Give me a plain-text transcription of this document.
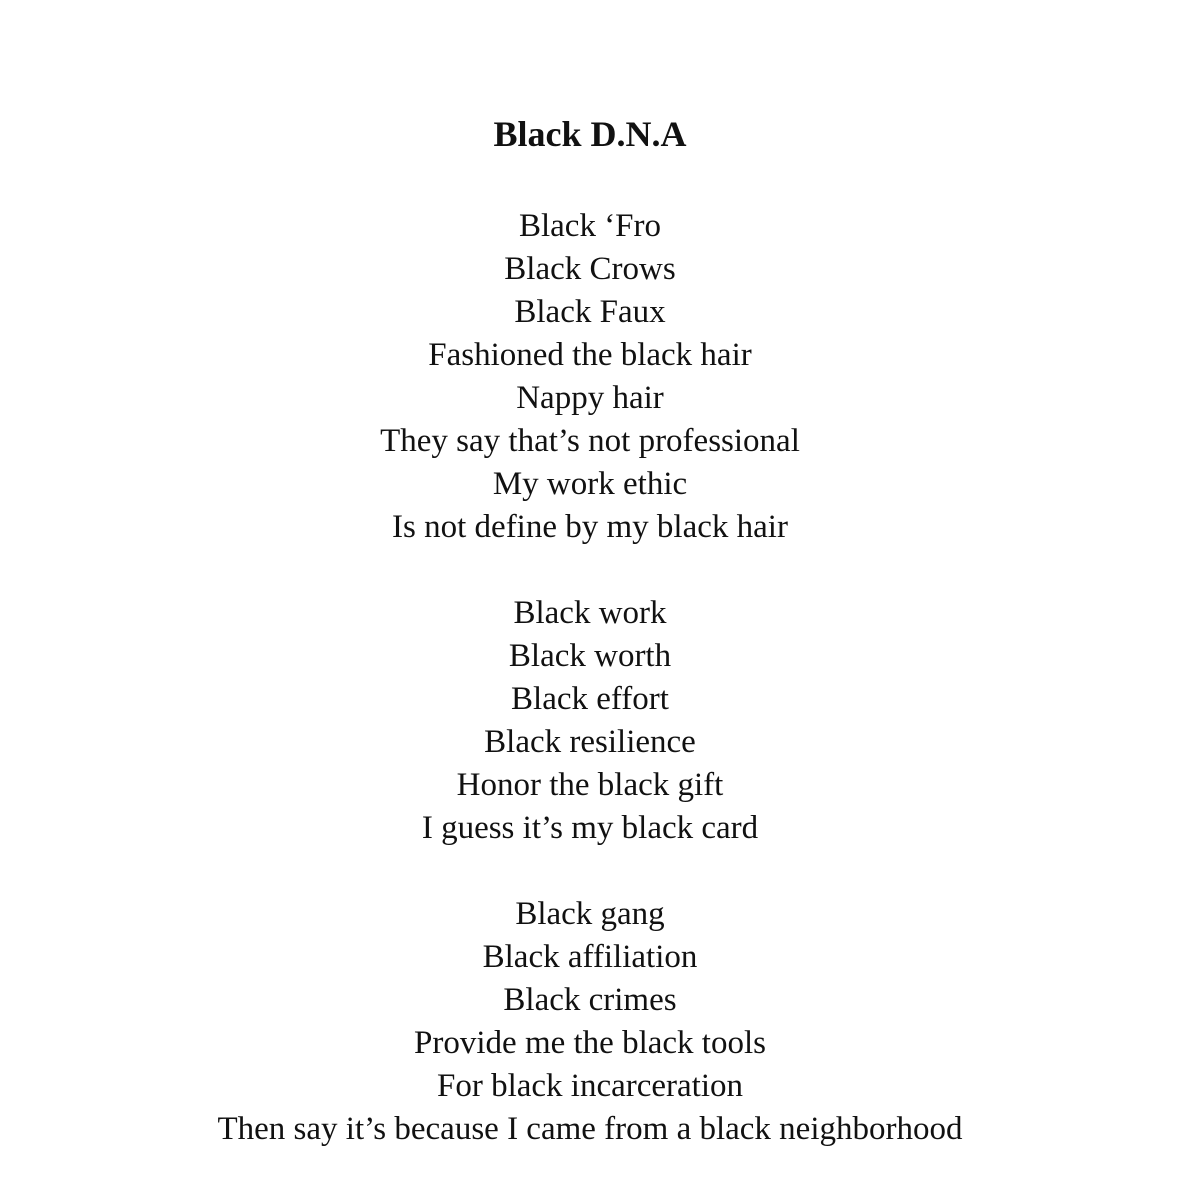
Black D.N.A
Black ‘Fro
Black Crows
Black Faux
Fashioned the black hair
Nappy hair
They say that’s not professional
My work ethic
Is not define by my black hair
Black work
Black worth
Black effort
Black resilience
Honor the black gift
I guess it’s my black card
Black gang
Black affiliation
Black crimes
Provide me the black tools
For black incarceration
Then say it’s because I came from a black neighborhood
